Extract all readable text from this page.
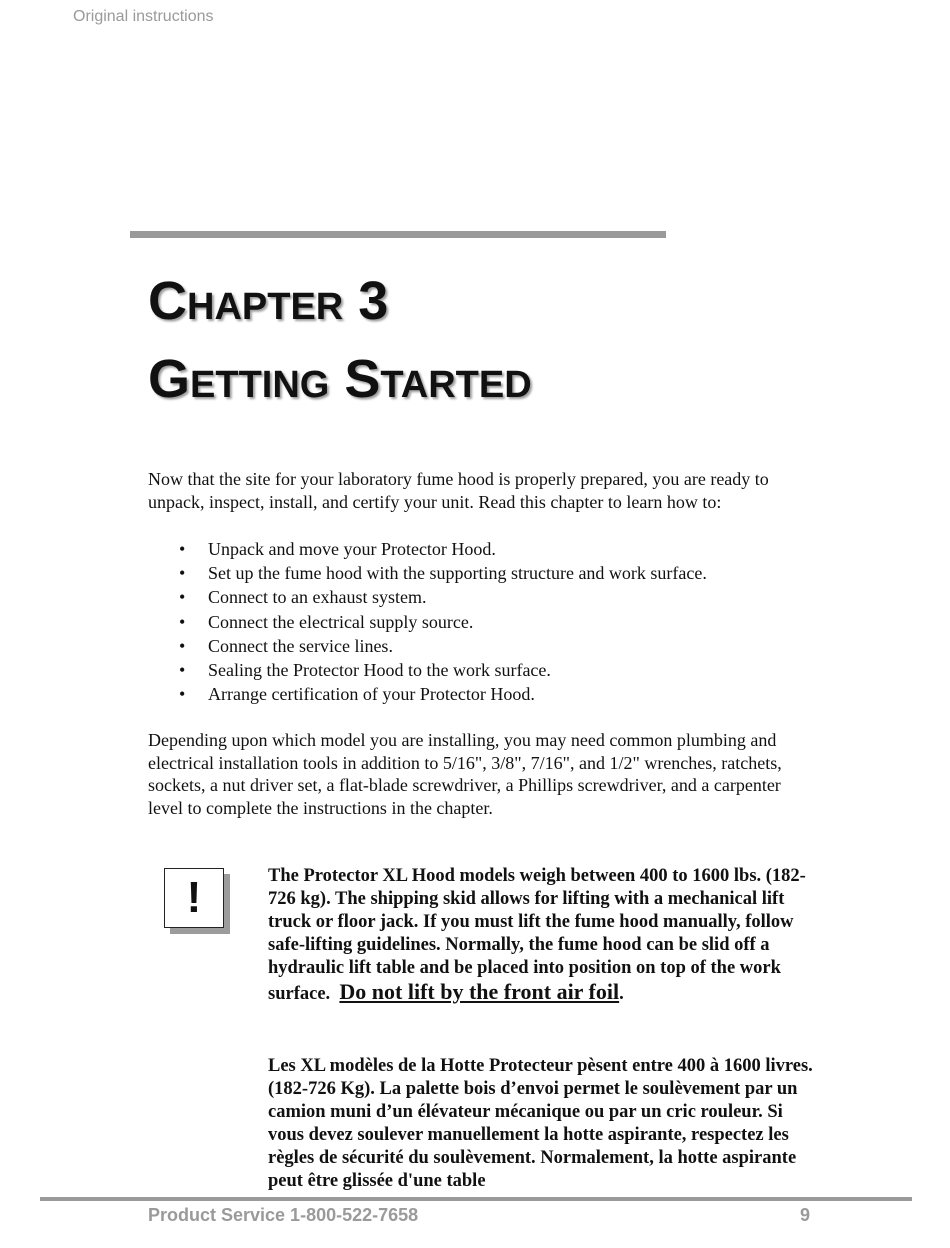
Original instructions
CHAPTER 3
GETTING STARTED
Now that the site for your laboratory fume hood is properly prepared, you are ready to unpack, inspect, install, and certify your unit. Read this chapter to learn how to:
• Unpack and move your Protector Hood.
• Set up the fume hood with the supporting structure and work surface.
• Connect to an exhaust system.
• Connect the electrical supply source.
• Connect the service lines.
• Sealing the Protector Hood to the work surface.
• Arrange certification of your Protector Hood.
Depending upon which model you are installing, you may need common plumbing and electrical installation tools in addition to 5/16", 3/8", 7/16", and 1/2" wrenches, ratchets, sockets, a nut driver set, a flat-blade screwdriver, a Phillips screwdriver, and a carpenter level to complete the instructions in the chapter.
!	The Protector XL Hood models weigh between 400 to 1600 lbs. (182-726 kg). The shipping skid allows for lifting with a mechanical lift truck or floor jack. If you must lift the fume hood manually, follow safe-lifting guidelines. Normally, the fume hood can be slid off a hydraulic lift table and be placed into position on top of the work surface. Do not lift by the front air foil.
Les XL modèles de la Hotte Protecteur pèsent entre 400 à 1600 livres. (182-726 Kg). La palette bois d’envoi permet le soulèvement par un camion muni d’un élévateur mécanique ou par un cric rouleur. Si vous devez soulever manuellement la hotte aspirante, respectez les règles de sécurité du soulèvement. Normalement, la hotte aspirante peut être glissée d'une table
Product Service 1-800-522-7658	9
